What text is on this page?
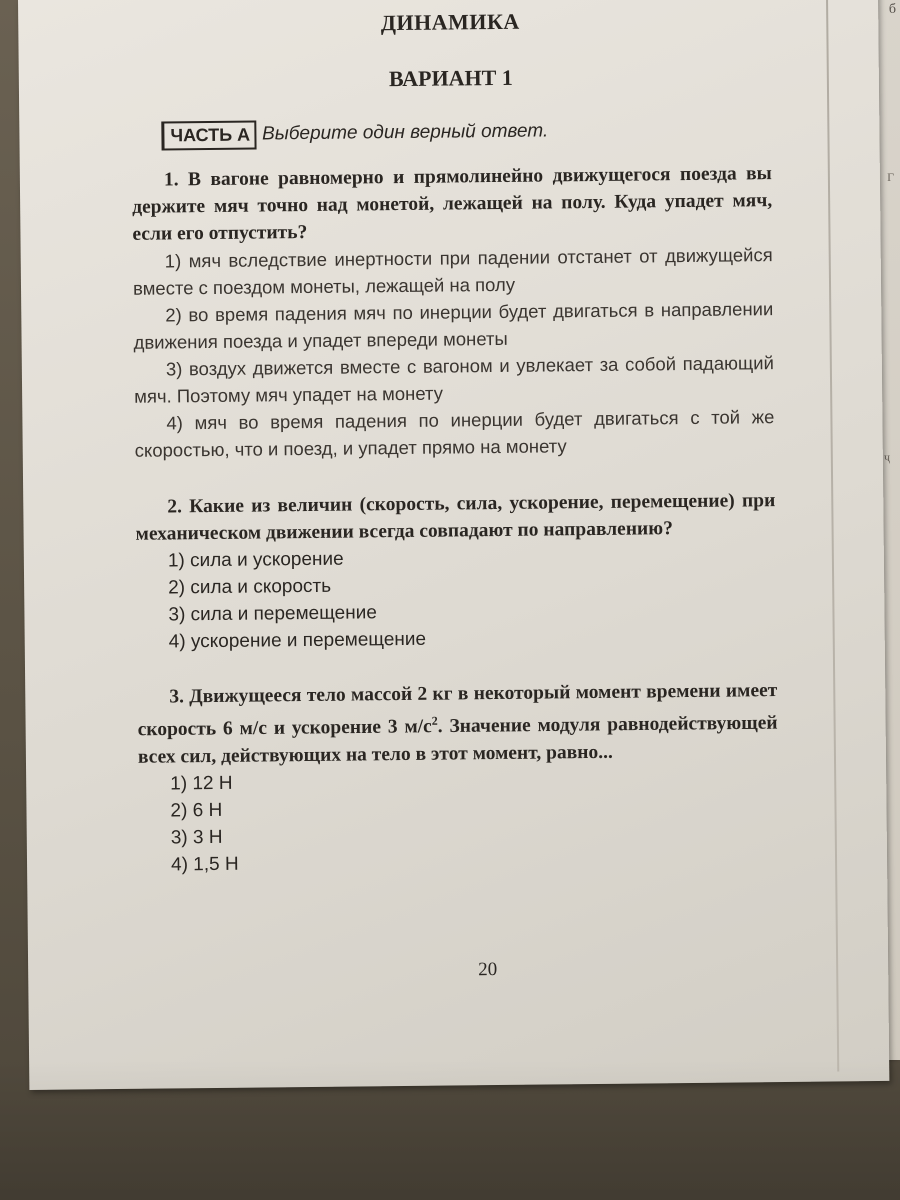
б
Г
ҷ
ДИНАМИКА
ВАРИАНТ 1
ЧАСТЬ А Выберите один верный ответ.
1. В вагоне равномерно и прямолинейно движущегося поезда вы держите мяч точно над монетой, лежащей на полу. Куда упадет мяч, если его отпустить?
1) мяч вследствие инертности при падении отстанет от движущейся вместе с поездом монеты, лежащей на полу
2) во время падения мяч по инерции будет двигаться в направлении движения поезда и упадет впереди монеты
3) воздух движется вместе с вагоном и увлекает за собой падающий мяч. Поэтому мяч упадет на монету
4) мяч во время падения по инерции будет двигаться с той же скоростью, что и поезд, и упадет прямо на монету
2. Какие из величин (скорость, сила, ускорение, перемещение) при механическом движении всегда совпадают по направлению?
1) сила и ускорение
2) сила и скорость
3) сила и перемещение
4) ускорение и перемещение
3. Движущееся тело массой 2 кг в некоторый момент времени имеет скорость 6 м/с и ускорение 3 $м/с^2$. Значение модуля равнодействующей всех сил, действующих на тело в этот момент, равно...
1) 12 Н
2) 6 Н
3) 3 Н
4) 1,5 Н
20
